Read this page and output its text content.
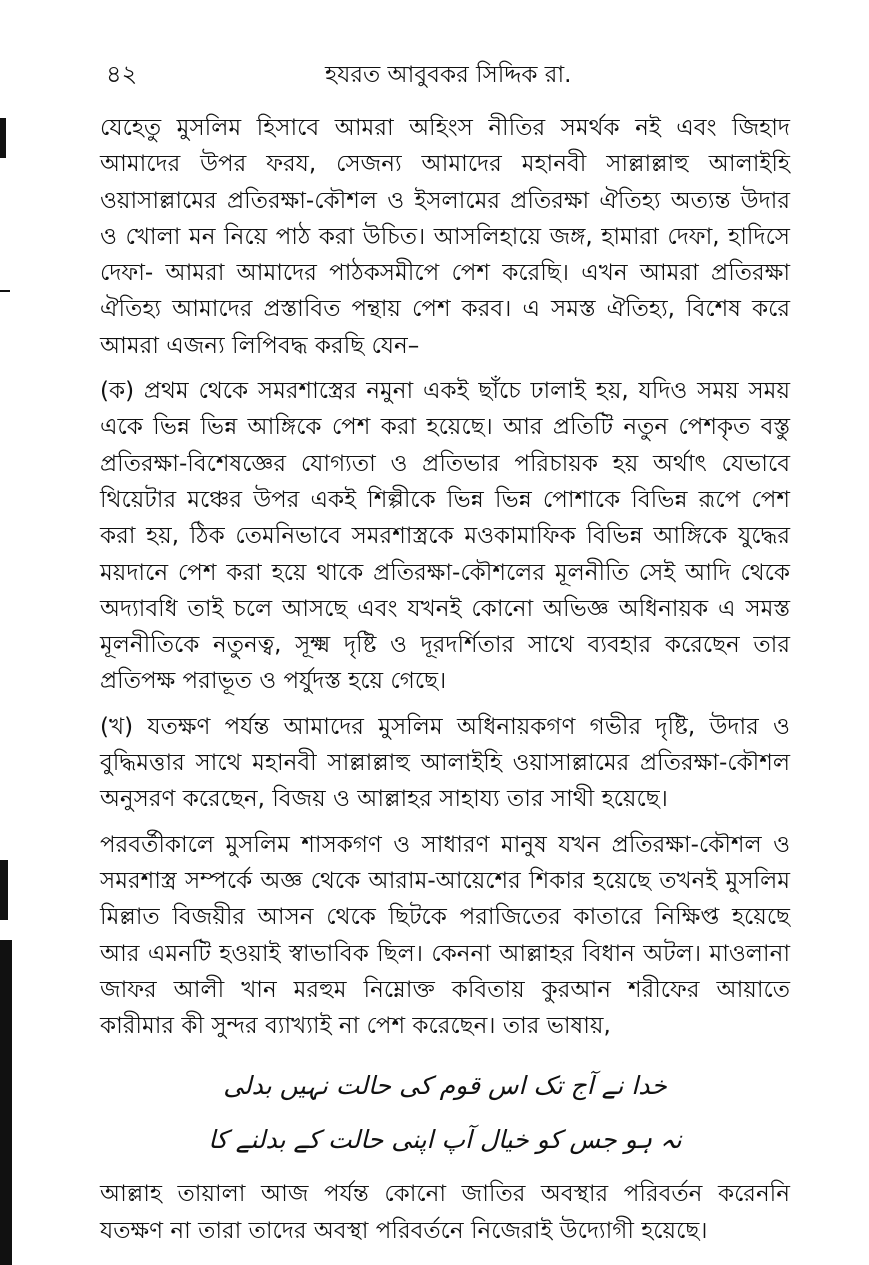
৪২	হযরত আবুবকর সিদ্দিক রা.

যেহেতু মুসলিম হিসাবে আমরা অহিংস নীতির সমর্থক নই এবং জিহাদ আমাদের উপর ফরয, সেজন্য আমাদের মহানবী সাল্লাল্লাহু আলাইহি ওয়াসাল্লামের প্রতিরক্ষা-কৌশল ও ইসলামের প্রতিরক্ষা ঐতিহ্য অত্যন্ত উদার ও খোলা মন নিয়ে পাঠ করা উচিত। আসলিহায়ে জঙ্গ, হামারা দেফা, হাদিসে দেফা- আমরা আমাদের পাঠকসমীপে পেশ করেছি। এখন আমরা প্রতিরক্ষা ঐতিহ্য আমাদের প্রস্তাবিত পন্থায় পেশ করব। এ সমস্ত ঐতিহ্য, বিশেষ করে আমরা এজন্য লিপিবদ্ধ করছি যেন–

(ক) প্রথম থেকে সমরশাস্ত্রের নমুনা একই ছাঁচে ঢালাই হয়, যদিও সময় সময় একে ভিন্ন ভিন্ন আঙ্গিকে পেশ করা হয়েছে। আর প্রতিটি নতুন পেশকৃত বস্তু প্রতিরক্ষা-বিশেষজ্ঞের যোগ্যতা ও প্রতিভার পরিচায়ক হয় অর্থাৎ যেভাবে থিয়েটার মঞ্চের উপর একই শিল্পীকে ভিন্ন ভিন্ন পোশাকে বিভিন্ন রূপে পেশ করা হয়, ঠিক তেমনিভাবে সমরশাস্ত্রকে মওকামাফিক বিভিন্ন আঙ্গিকে যুদ্ধের ময়দানে পেশ করা হয়ে থাকে প্রতিরক্ষা-কৌশলের মূলনীতি সেই আদি থেকে অদ্যাবধি তাই চলে আসছে এবং যখনই কোনো অভিজ্ঞ অধিনায়ক এ সমস্ত মূলনীতিকে নতুনত্ব, সূক্ষ্ম দৃষ্টি ও দূরদর্শিতার সাথে ব্যবহার করেছেন তার প্রতিপক্ষ পরাভূত ও পর্যুদস্ত হয়ে গেছে।

(খ) যতক্ষণ পর্যন্ত আমাদের মুসলিম অধিনায়কগণ গভীর দৃষ্টি, উদার ও বুদ্ধিমত্তার সাথে মহানবী সাল্লাল্লাহু আলাইহি ওয়াসাল্লামের প্রতিরক্ষা-কৌশল অনুসরণ করেছেন, বিজয় ও আল্লাহর সাহায্য তার সাথী হয়েছে।

পরবর্তীকালে মুসলিম শাসকগণ ও সাধারণ মানুষ যখন প্রতিরক্ষা-কৌশল ও সমরশাস্ত্র সম্পর্কে অজ্ঞ থেকে আরাম-আয়েশের শিকার হয়েছে তখনই মুসলিম মিল্লাত বিজয়ীর আসন থেকে ছিটকে পরাজিতের কাতারে নিক্ষিপ্ত হয়েছে আর এমনটি হওয়াই স্বাভাবিক ছিল। কেননা আল্লাহর বিধান অটল। মাওলানা জাফর আলী খান মরহুম নিম্নোক্ত কবিতায় কুরআন শরীফের আয়াতে কারীমার কী সুন্দর ব্যাখ্যাই না পেশ করেছেন। তার ভাষায়,

خدا نے آج تک اس قوم کی حالت نہیں بدلی

نہ ہو جس کو خیال آپ اپنی حالت کے بدلنے کا

আল্লাহ তায়ালা আজ পর্যন্ত কোনো জাতির অবস্থার পরিবর্তন করেননি যতক্ষণ না তারা তাদের অবস্থা পরিবর্তনে নিজেরাই উদ্যোগী হয়েছে।
